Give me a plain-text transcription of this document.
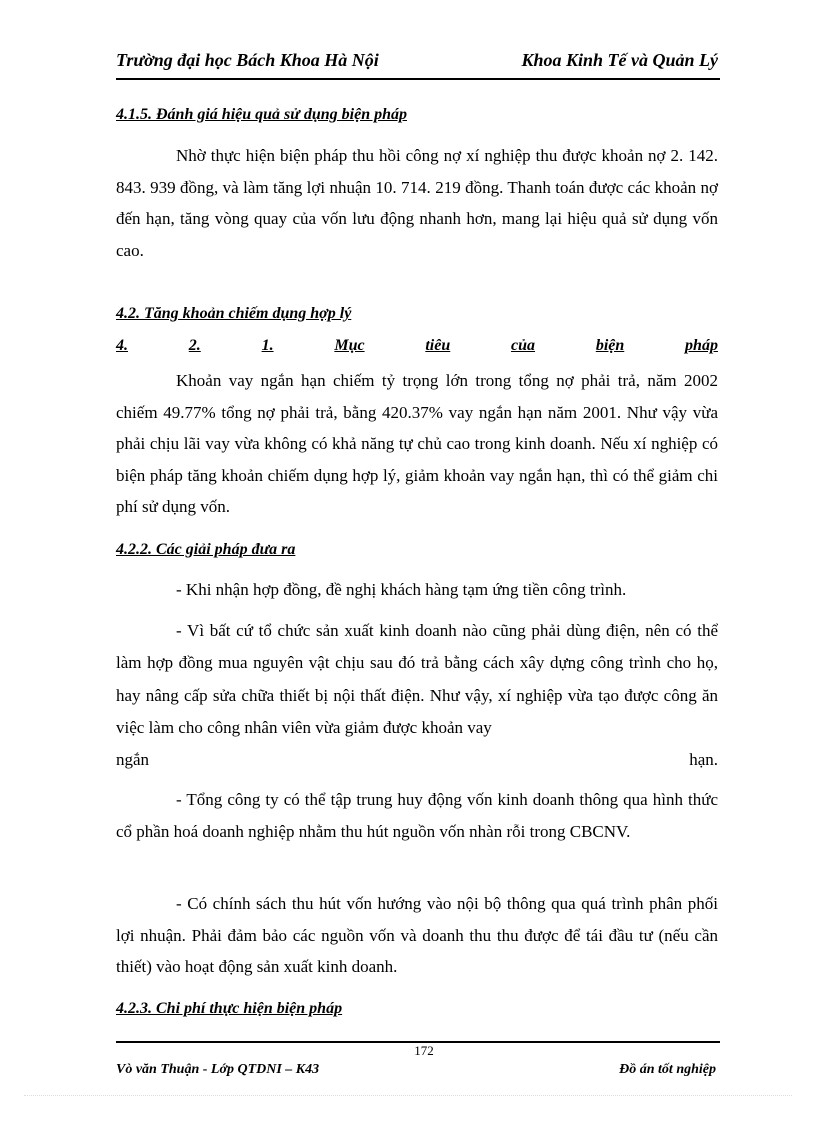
Trường đại học Bách Khoa Hà Nội	Khoa Kinh Tế và Quản Lý
4.1.5. Đánh giá hiệu quả sử dụng biện pháp
Nhờ thực hiện biện pháp thu hồi công nợ xí nghiệp thu được khoản nợ 2. 142. 843. 939 đồng, và làm tăng lợi nhuận 10. 714. 219 đồng. Thanh toán được các khoản nợ đến hạn, tăng vòng quay của vốn lưu động nhanh hơn, mang lại hiệu quả sử dụng vốn cao.
4.2. Tăng khoản chiếm dụng hợp lý
4.	2.	1.	Mục	tiêu	của	biện	pháp
Khoản vay ngắn hạn chiếm tỷ trọng lớn trong tổng nợ phải trả, năm 2002 chiếm 49.77% tổng nợ phải trả, bằng 420.37% vay ngắn hạn năm 2001. Như vậy vừa phải chịu lãi vay vừa không có khả năng tự chủ cao trong kinh doanh. Nếu xí nghiệp có biện pháp tăng khoản chiếm dụng hợp lý, giảm khoản vay ngắn hạn, thì có thể giảm chi phí sử dụng vốn.
4.2.2. Các giải pháp đưa ra
- Khi nhận hợp đồng, đề nghị khách hàng tạm ứng tiền công trình.
- Vì bất cứ tổ chức sản xuất kinh doanh nào cũng phải dùng điện, nên có thể làm hợp đồng mua nguyên vật chịu sau đó trả bằng cách xây dựng công trình cho họ, hay nâng cấp sửa chữa thiết bị nội thất điện. Như vậy, xí nghiệp vừa tạo được công ăn việc làm cho công nhân viên vừa giảm được khoản vay
ngắn	hạn.
- Tổng công ty có thể tập trung huy động vốn kinh doanh thông qua hình thức cổ phần hoá doanh nghiệp nhằm thu hút nguồn vốn nhàn rỗi trong CBCNV.
- Có chính sách thu hút vốn hướng vào nội bộ thông qua quá trình phân phối lợi nhuận. Phải đảm bảo các nguồn vốn và doanh thu thu được để tái đầu tư (nếu cần thiết) vào hoạt động sản xuất kinh doanh.
4.2.3. Chi phí thực hiện biện pháp
172
Vò văn Thuận - Lớp QTDNI – K43	Đồ án tốt nghiệp
